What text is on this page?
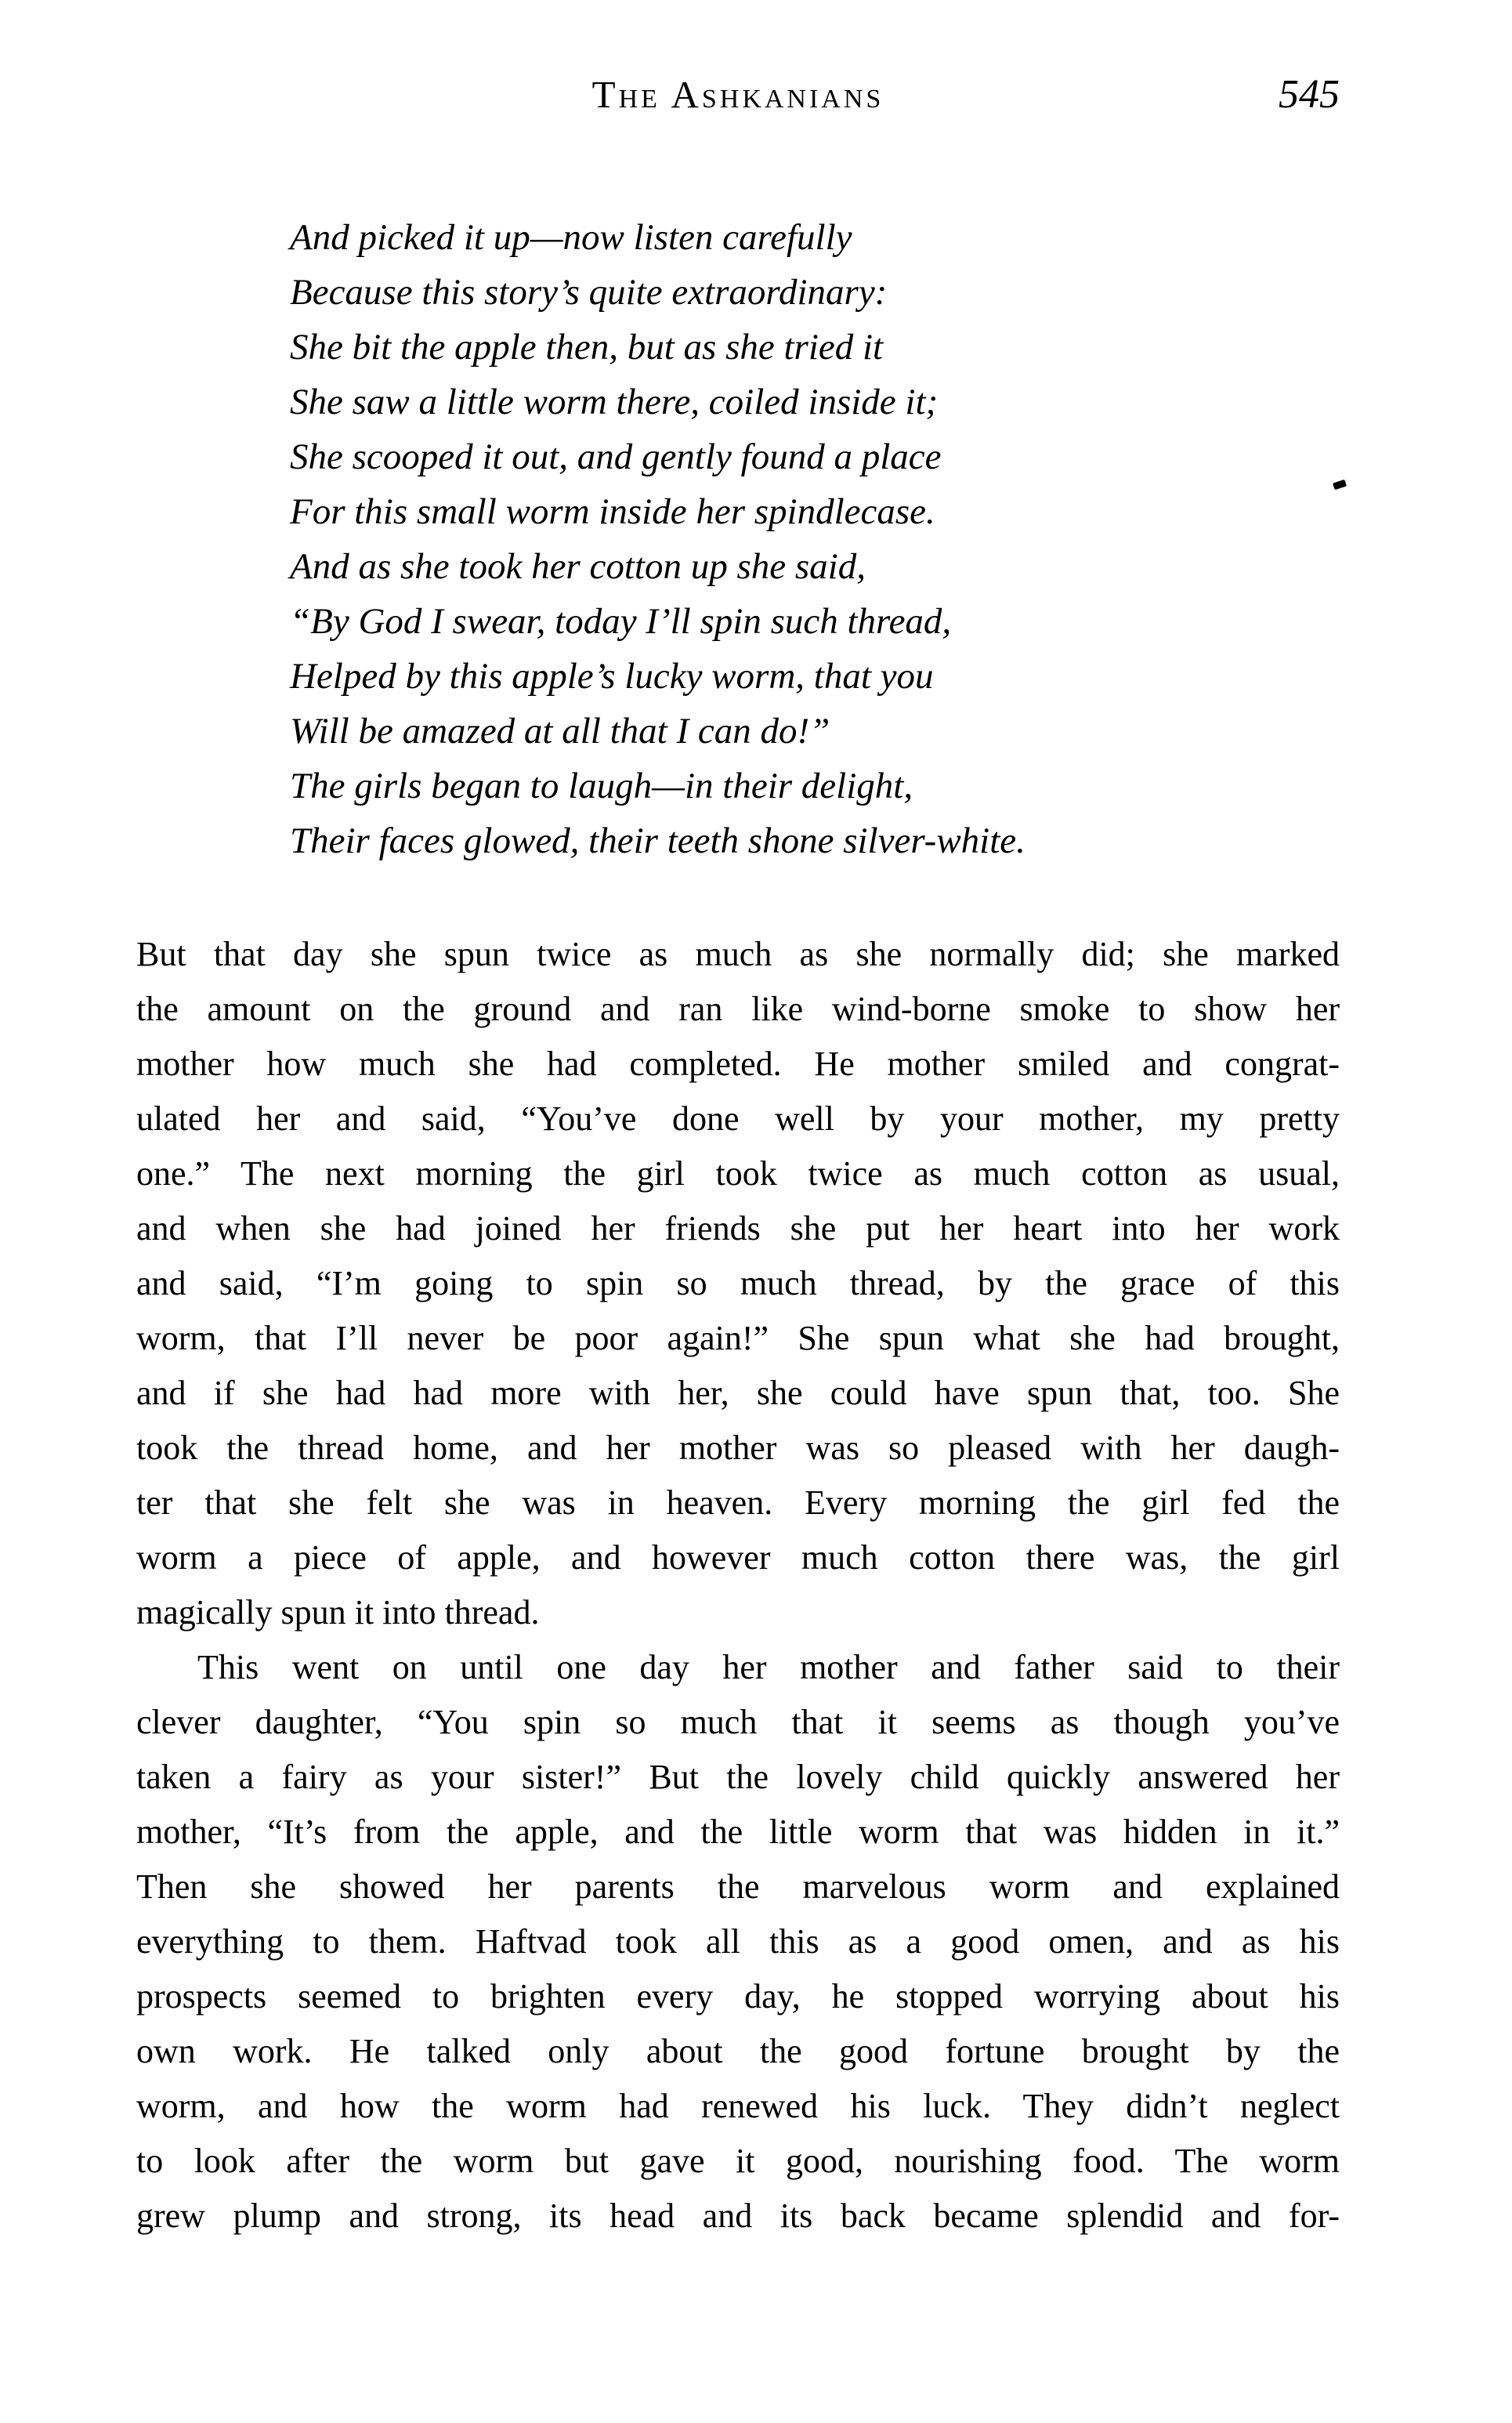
The Ashkanians	545
And picked it up—now listen carefully
Because this story’s quite extraordinary:
She bit the apple then, but as she tried it
She saw a little worm there, coiled inside it;
She scooped it out, and gently found a place
For this small worm inside her spindlecase.
And as she took her cotton up she said,
“By God I swear, today I’ll spin such thread,
Helped by this apple’s lucky worm, that you
Will be amazed at all that I can do!”
The girls began to laugh—in their delight,
Their faces glowed, their teeth shone silver-white.
But that day she spun twice as much as she normally did; she marked
the amount on the ground and ran like wind-borne smoke to show her
mother how much she had completed. He mother smiled and congrat-
ulated her and said, “You’ve done well by your mother, my pretty
one.” The next morning the girl took twice as much cotton as usual,
and when she had joined her friends she put her heart into her work
and said, “I’m going to spin so much thread, by the grace of this
worm, that I’ll never be poor again!” She spun what she had brought,
and if she had had more with her, she could have spun that, too. She
took the thread home, and her mother was so pleased with her daugh-
ter that she felt she was in heaven. Every morning the girl fed the
worm a piece of apple, and however much cotton there was, the girl
magically spun it into thread.
This went on until one day her mother and father said to their
clever daughter, “You spin so much that it seems as though you’ve
taken a fairy as your sister!” But the lovely child quickly answered her
mother, “It’s from the apple, and the little worm that was hidden in it.”
Then she showed her parents the marvelous worm and explained
everything to them. Haftvad took all this as a good omen, and as his
prospects seemed to brighten every day, he stopped worrying about his
own work. He talked only about the good fortune brought by the
worm, and how the worm had renewed his luck. They didn’t neglect
to look after the worm but gave it good, nourishing food. The worm
grew plump and strong, its head and its back became splendid and for-
